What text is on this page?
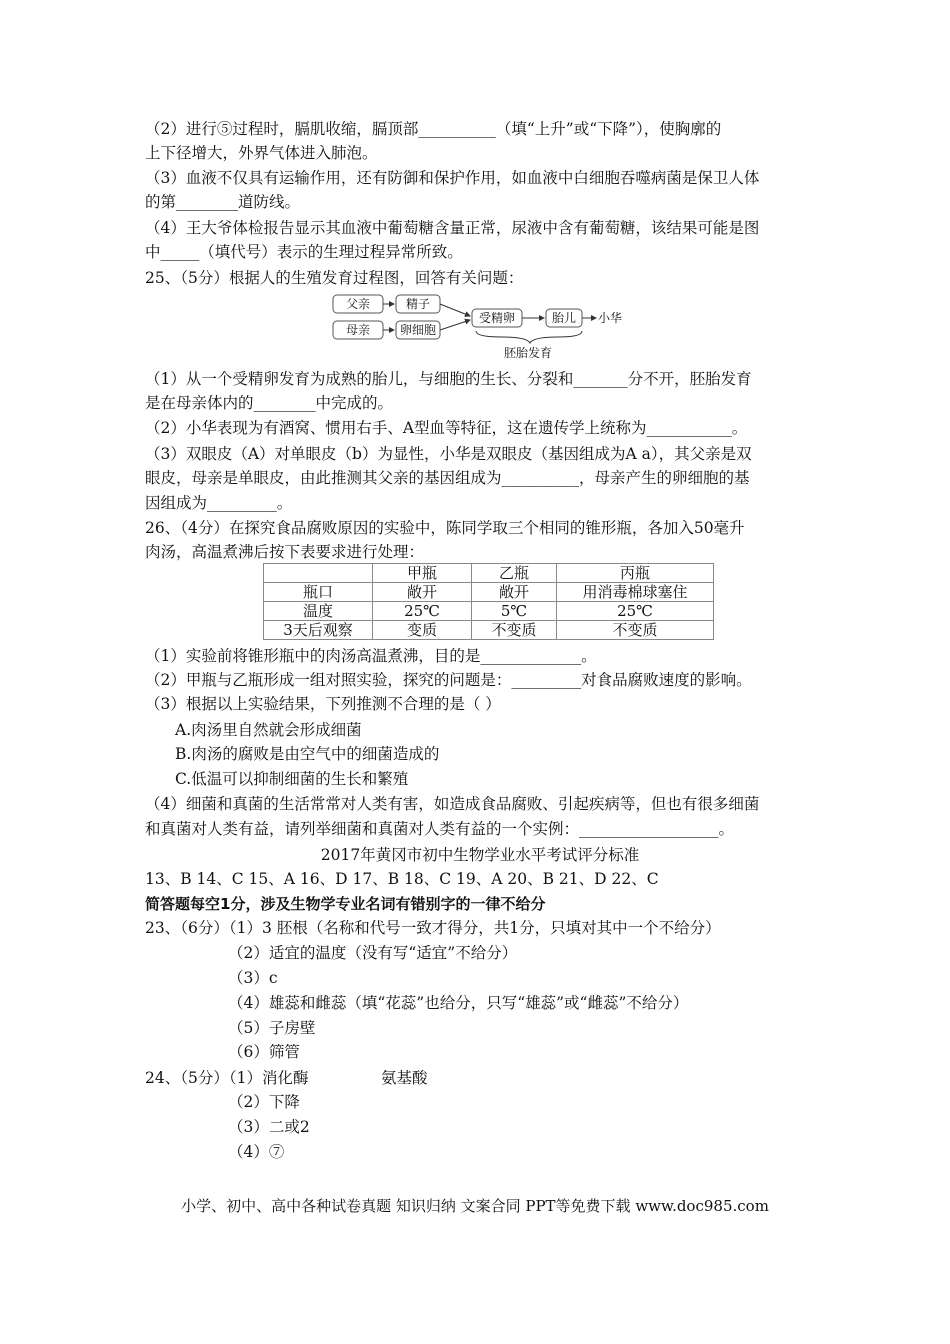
（2）进行⑤过程时，膈肌收缩，膈顶部__________（填“上升”或“下降”），使胸廓的
上下径增大，外界气体进入肺泡。
（3）血液不仅具有运输作用，还有防御和保护作用，如血液中白细胞吞噬病菌是保卫人体
的第________道防线。
（4）王大爷体检报告显示其血液中葡萄糖含量正常，尿液中含有葡萄糖，该结果可能是图
中_____（填代号）表示的生理过程异常所致。
25、（5分）根据人的生殖发育过程图，回答有关问题：
父亲
母亲
精子
卵细胞
受精卵	胎儿 小华
胚胎发育
（1）从一个受精卵发育为成熟的胎儿，与细胞的生长、分裂和_______分不开，胚胎发育
是在母亲体内的________中完成的。
（2）小华表现为有酒窝、惯用右手、A型血等特征，这在遗传学上统称为___________。
（3）双眼皮（A）对单眼皮（b）为显性，小华是双眼皮（基因组成为A a），其父亲是双
眼皮，母亲是单眼皮，由此推测其父亲的基因组成为__________，母亲产生的卵细胞的基
因组成为_________。
26、（4分）在探究食品腐败原因的实验中，陈同学取三个相同的锥形瓶，各加入50毫升
肉汤，高温煮沸后按下表要求进行处理：
	甲瓶	乙瓶	丙瓶
瓶口	敞开	敞开	用消毒棉球塞住
温度	25℃	5℃	25℃
3天后观察	变质	不变质	不变质
（1）实验前将锥形瓶中的肉汤高温煮沸，目的是_____________。
（2）甲瓶与乙瓶形成一组对照实验，探究的问题是：_________对食品腐败速度的影响。
（3）根据以上实验结果，下列推测不合理的是（ ）
A.肉汤里自然就会形成细菌
B.肉汤的腐败是由空气中的细菌造成的
C.低温可以抑制细菌的生长和繁殖
（4）细菌和真菌的生活常常对人类有害，如造成食品腐败、引起疾病等，但也有很多细菌
和真菌对人类有益，请列举细菌和真菌对人类有益的一个实例：__________________。
2017年黄冈市初中生物学业水平考试评分标准
13、B 14、C 15、A 16、D 17、B 18、C 19、A 20、B 21、D 22、C
简答题每空1分，涉及生物学专业名词有错别字的一律不给分
23、（6分）（1）3 胚根（名称和代号一致才得分，共1分，只填对其中一个不给分）
（2）适宜的温度（没有写“适宜”不给分）
（3）c
（4）雄蕊和雌蕊（填“花蕊”也给分，只写“雄蕊”或“雌蕊”不给分）
（5）子房壁
（6）筛管
24、（5分）（1）消化酶	氨基酸
（2）下降
（3）二或2
（4）⑦
小学、初中、高中各种试卷真题 知识归纳 文案合同 PPT等免费下载 www.doc985.com
